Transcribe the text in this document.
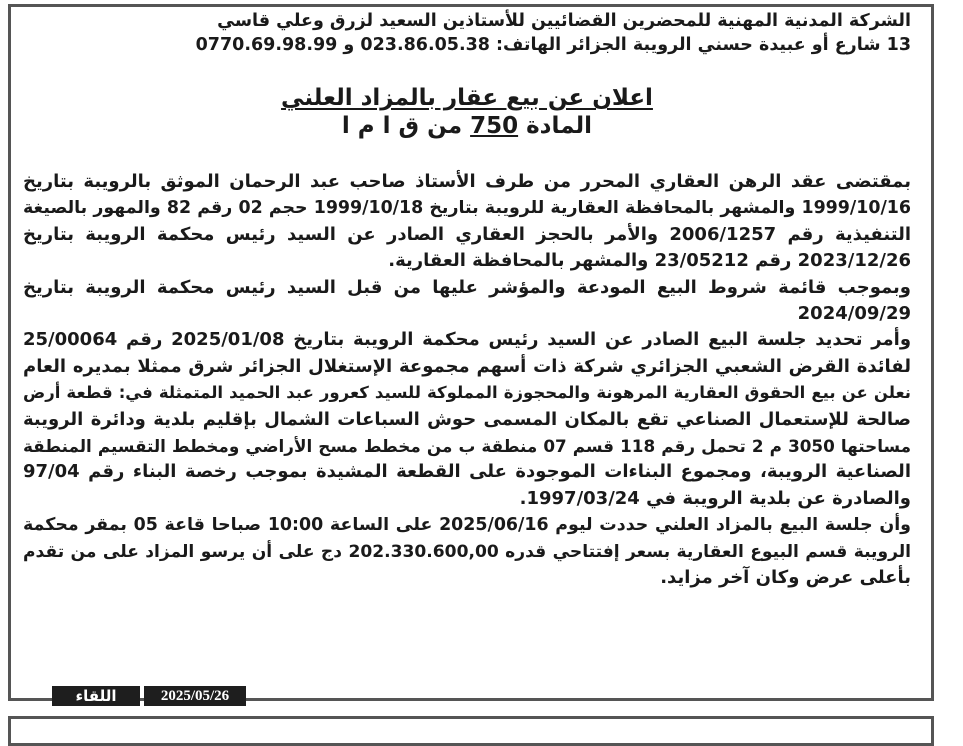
الشركة المدنية المهنية للمحضرين القضائيين للأستاذين السعيد لزرق وعلي قاسي

13 شارع أو عبيدة حسني الرويبة الجزائر الهاتف: 023.86.05.38 و 0770.69.98.99

اعلان عن بيع عقار بالمزاد العلني
المادة 750 من ق ا م ا

بمقتضى عقد الرهن العقاري المحرر من طرف الأستاذ صاحب عبد الرحمان الموثق بالرويبة بتاريخ

1999/10/16 والمشهر بالمحافظة العقارية للرويبة بتاريخ 1999/10/18 حجم 02 رقم 82 والمهور بالصيغة

التنفيذية رقم 2006/1257 والأمر بالحجز العقاري الصادر عن السيد رئيس محكمة الرويبة بتاريخ

2023/12/26 رقم 23/05212 والمشهر بالمحافظة العقارية.

وبموجب قائمة شروط البيع المودعة والمؤشر عليها من قبل السيد رئيس محكمة الرويبة بتاريخ

2024/09/29

وأمر تحديد جلسة البيع الصادر عن السيد رئيس محكمة الرويبة بتاريخ 2025/01/08 رقم 25/00064

لفائدة القرض الشعبي الجزائري شركة ذات أسهم مجموعة الإستغلال الجزائر شرق ممثلا بمديره العام

نعلن عن بيع الحقوق العقارية المرهونة والمحجوزة المملوكة للسيد كعرور عبد الحميد المتمثلة في: قطعة أرض

صالحة للإستعمال الصناعي تقع بالمكان المسمى حوش السباعات الشمال بإقليم بلدية ودائرة الرويبة

مساحتها 3050 م 2 تحمل رقم 118 قسم 07 منطقة ب من مخطط مسح الأراضي ومخطط التقسيم المنطقة

الصناعية الرويبة، ومجموع البناءات الموجودة على القطعة المشيدة بموجب رخصة البناء رقم 97/04

والصادرة عن بلدية الرويبة في 1997/03/24.

وأن جلسة البيع بالمزاد العلني حددت ليوم 2025/06/16 على الساعة 10:00 صباحا قاعة 05 بمقر محكمة

الرويبة قسم البيوع العقارية بسعر إفتتاحي قدره 202.330.600,00 دج على أن يرسو المزاد على من تقدم

بأعلى عرض وكان آخر مزايد.

اللقاء	2025/05/26
